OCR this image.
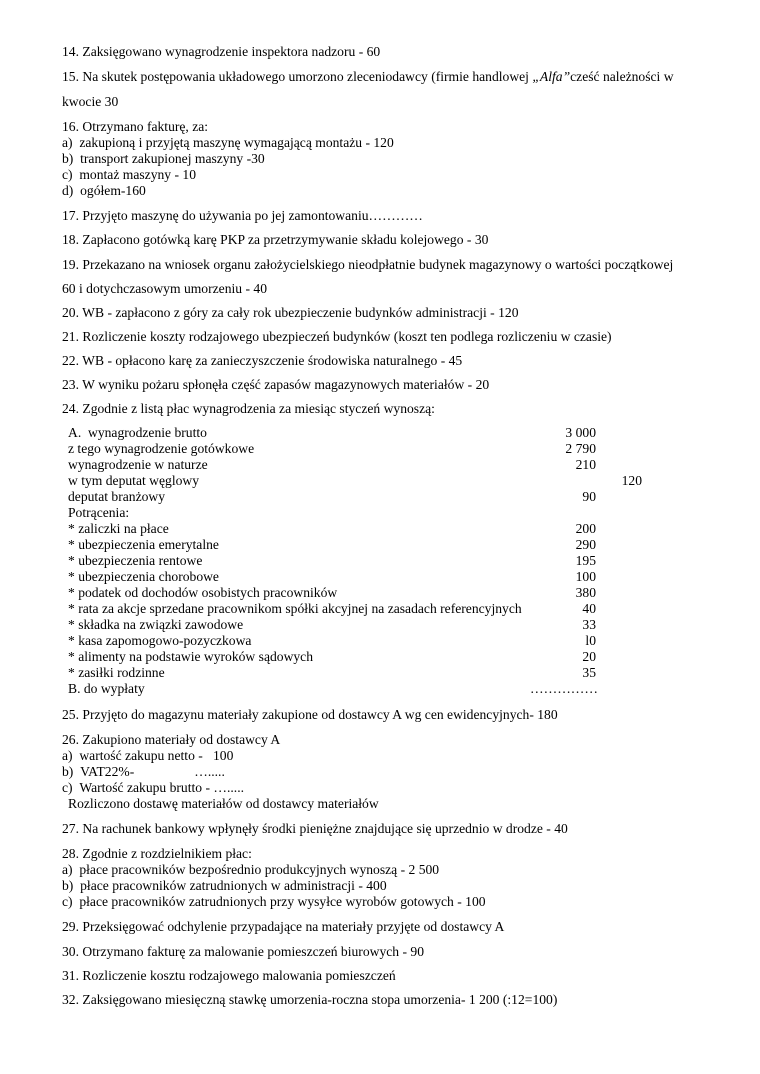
14. Zaksięgowano wynagrodzenie inspektora nadzoru - 60
15. Na skutek postępowania układowego umorzono zleceniodawcy (firmie handlowej „Alfa”cześć należności w
kwocie 30
16. Otrzymano fakturę, za:
a)  zakupioną i przyjętą maszynę wymagającą montażu - 120
b)  transport zakupionej maszyny -30
c)  montaż maszyny - 10
d)  ogółem-160
17. Przyjęto maszynę do używania po jej zamontowaniu…………
18. Zapłacono gotówką karę PKP za przetrzymywanie składu kolejowego - 30
19. Przekazano na wniosek organu założycielskiego nieodpłatnie budynek magazynowy o wartości początkowej
60 i dotychczasowym umorzeniu - 40
20. WB - zapłacono z góry za cały rok ubezpieczenie budynków administracji - 120
21. Rozliczenie koszty rodzajowego ubezpieczeń budynków (koszt ten podlega rozliczeniu w czasie)
22. WB - opłacono karę za zanieczyszczenie środowiska naturalnego - 45
23. W wyniku pożaru spłonęła część zapasów magazynowych materiałów - 20
24. Zgodnie z listą płac wynagrodzenia za miesiąc styczeń wynoszą:
A.  wynagrodzenie brutto	3 000
z tego wynagrodzenie gotówkowe	2 790
wynagrodzenie w naturze	210
w tym deputat węglowy	120
deputat branżowy	90
Potrącenia:
* zaliczki na płace	200
* ubezpieczenia emerytalne	290
* ubezpieczenia rentowe	195
* ubezpieczenia chorobowe	100
* podatek od dochodów osobistych pracowników	380
* rata za akcje sprzedane pracownikom spółki akcyjnej na zasadach referencyjnych	40
* składka na związki zawodowe	33
* kasa zapomogowo-pozyczkowa	l0
* alimenty na podstawie wyroków sądowych	20
* zasiłki rodzinne	35
B. do wypłaty	……………
25. Przyjęto do magazynu materiały zakupione od dostawcy A wg cen ewidencyjnych- 180
26. Zakupiono materiały od dostawcy A
a)  wartość zakupu netto - 100
b)  VAT22%-	….....
c)  Wartość zakupu brutto - ….....
Rozliczono dostawę materiałów od dostawcy materiałów
27. Na rachunek bankowy wpłynęły środki pieniężne znajdujące się uprzednio w drodze - 40
28. Zgodnie z rozdzielnikiem płac:
a)  płace pracowników bezpośrednio produkcyjnych wynoszą - 2 500
b)  płace pracowników zatrudnionych w administracji - 400
c)  płace pracowników zatrudnionych przy wysyłce wyrobów gotowych - 100
29. Przeksięgować odchylenie przypadające na materiały przyjęte od dostawcy A
30. Otrzymano fakturę za malowanie pomieszczeń biurowych - 90
31. Rozliczenie kosztu rodzajowego malowania pomieszczeń
32. Zaksięgowano miesięczną stawkę umorzenia-roczna stopa umorzenia- 1 200 (:12=100)
